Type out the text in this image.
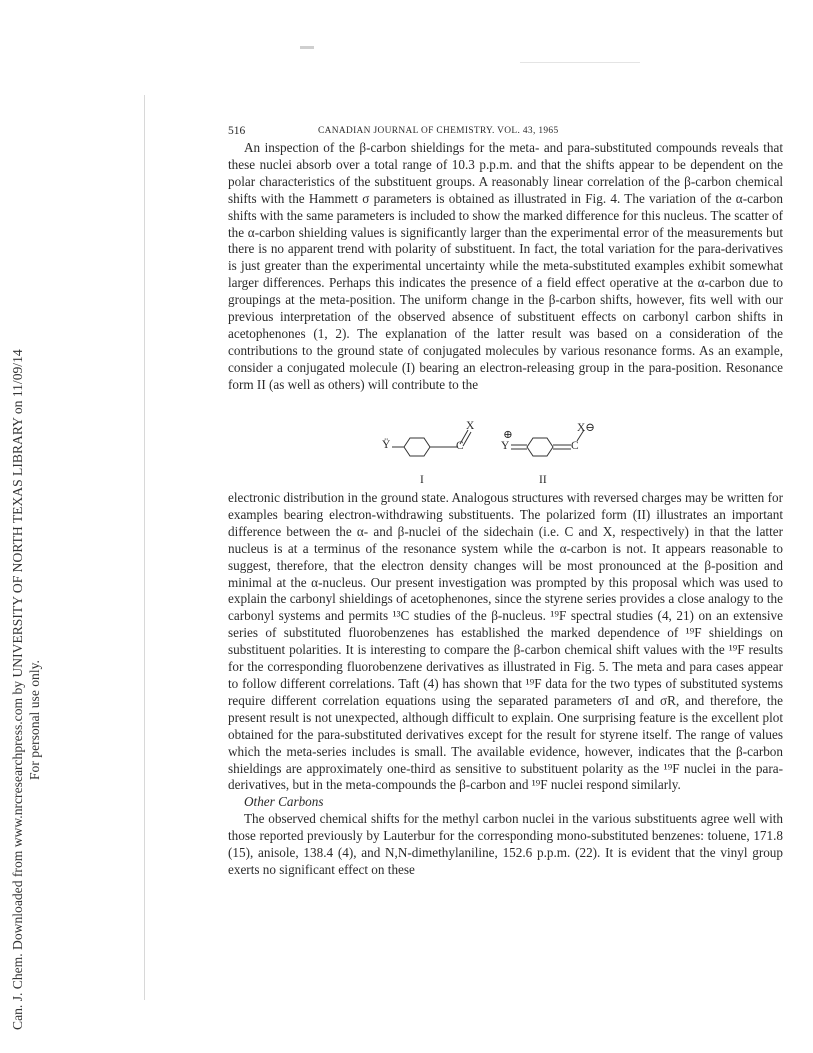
Can. J. Chem. Downloaded from www.nrcresearchpress.com by UNIVERSITY OF NORTH TEXAS LIBRARY on 11/09/14 For personal use only.
516	CANADIAN JOURNAL OF CHEMISTRY. VOL. 43, 1965

An inspection of the β-carbon shieldings for the meta- and para-substituted compounds reveals that these nuclei absorb over a total range of 10.3 p.p.m. and that the shifts appear to be dependent on the polar characteristics of the substituent groups. A reasonably linear correlation of the β-carbon chemical shifts with the Hammett σ parameters is obtained as illustrated in Fig. 4. The variation of the α-carbon shifts with the same parameters is included to show the marked difference for this nucleus. The scatter of the α-carbon shielding values is significantly larger than the experimental error of the measurements but there is no apparent trend with polarity of substituent. In fact, the total variation for the para-derivatives is just greater than the experimental uncertainty while the meta-substituted examples exhibit somewhat larger differences. Perhaps this indicates the presence of a field effect operative at the α-carbon due to groupings at the meta-position. The uniform change in the β-carbon shifts, however, fits well with our previous interpretation of the observed absence of substituent effects on carbonyl carbon shifts in acetophenones (1, 2). The explanation of the latter result was based on a consideration of the contributions to the ground state of conjugated molecules by various resonance forms. As an example, consider a conjugated molecule (I) bearing an electron-releasing group in the para-position. Resonance form II (as well as others) will contribute to the

X
Ÿ	C
I
X⊖
⊕
Y	C
II

electronic distribution in the ground state. Analogous structures with reversed charges may be written for examples bearing electron-withdrawing substituents. The polarized form (II) illustrates an important difference between the α- and β-nuclei of the sidechain (i.e. C and X, respectively) in that the latter nucleus is at a terminus of the resonance system while the α-carbon is not. It appears reasonable to suggest, therefore, that the electron density changes will be most pronounced at the β-position and minimal at the α-nucleus. Our present investigation was prompted by this proposal which was used to explain the carbonyl shieldings of acetophenones, since the styrene series provides a close analogy to the carbonyl systems and permits ¹³C studies of the β-nucleus. ¹⁹F spectral studies (4, 21) on an extensive series of substituted fluorobenzenes has established the marked dependence of ¹⁹F shieldings on substituent polarities. It is interesting to compare the β-carbon chemical shift values with the ¹⁹F results for the corresponding fluorobenzene derivatives as illustrated in Fig. 5. The meta and para cases appear to follow different correlations. Taft (4) has shown that ¹⁹F data for the two types of substituted systems require different correlation equations using the separated parameters σI and σR, and therefore, the present result is not unexpected, although difficult to explain. One surprising feature is the excellent plot obtained for the para-substituted derivatives except for the result for styrene itself. The range of values which the meta-series includes is small. The available evidence, however, indicates that the β-carbon shieldings are approximately one-third as sensitive to substituent polarity as the ¹⁹F nuclei in the para-derivatives, but in the meta-compounds the β-carbon and ¹⁹F nuclei respond similarly.

Other Carbons

The observed chemical shifts for the methyl carbon nuclei in the various substituents agree well with those reported previously by Lauterbur for the corresponding mono-substituted benzenes: toluene, 171.8 (15), anisole, 138.4 (4), and N,N-dimethylaniline, 152.6 p.p.m. (22). It is evident that the vinyl group exerts no significant effect on these
